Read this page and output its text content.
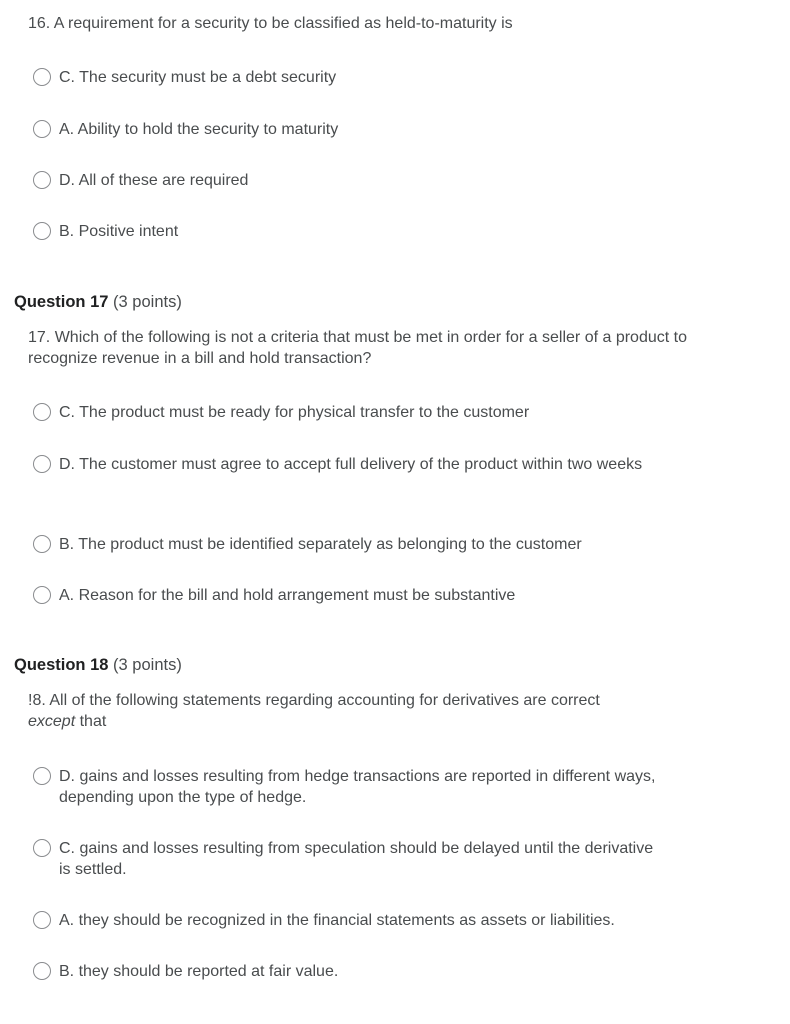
16. A requirement for a security to be classified as held-to-maturity is
C. The security must be a debt security
A. Ability to hold the security to maturity
D. All of these are required
B. Positive intent
Question 17 (3 points)
17. Which of the following is not a criteria that must be met in order for a seller of a product to recognize revenue in a bill and hold transaction?
C. The product must be ready for physical transfer to the customer
D. The customer must agree to accept full delivery of the product within two weeks
B. The product must be identified separately as belonging to the customer
A. Reason for the bill and hold arrangement must be substantive
Question 18 (3 points)
!8. All of the following statements regarding accounting for derivatives are correct
except that
D. gains and losses resulting from hedge transactions are reported in different ways, depending upon the type of hedge.
C. gains and losses resulting from speculation should be delayed until the derivative is settled.
A. they should be recognized in the financial statements as assets or liabilities.
B. they should be reported at fair value.
